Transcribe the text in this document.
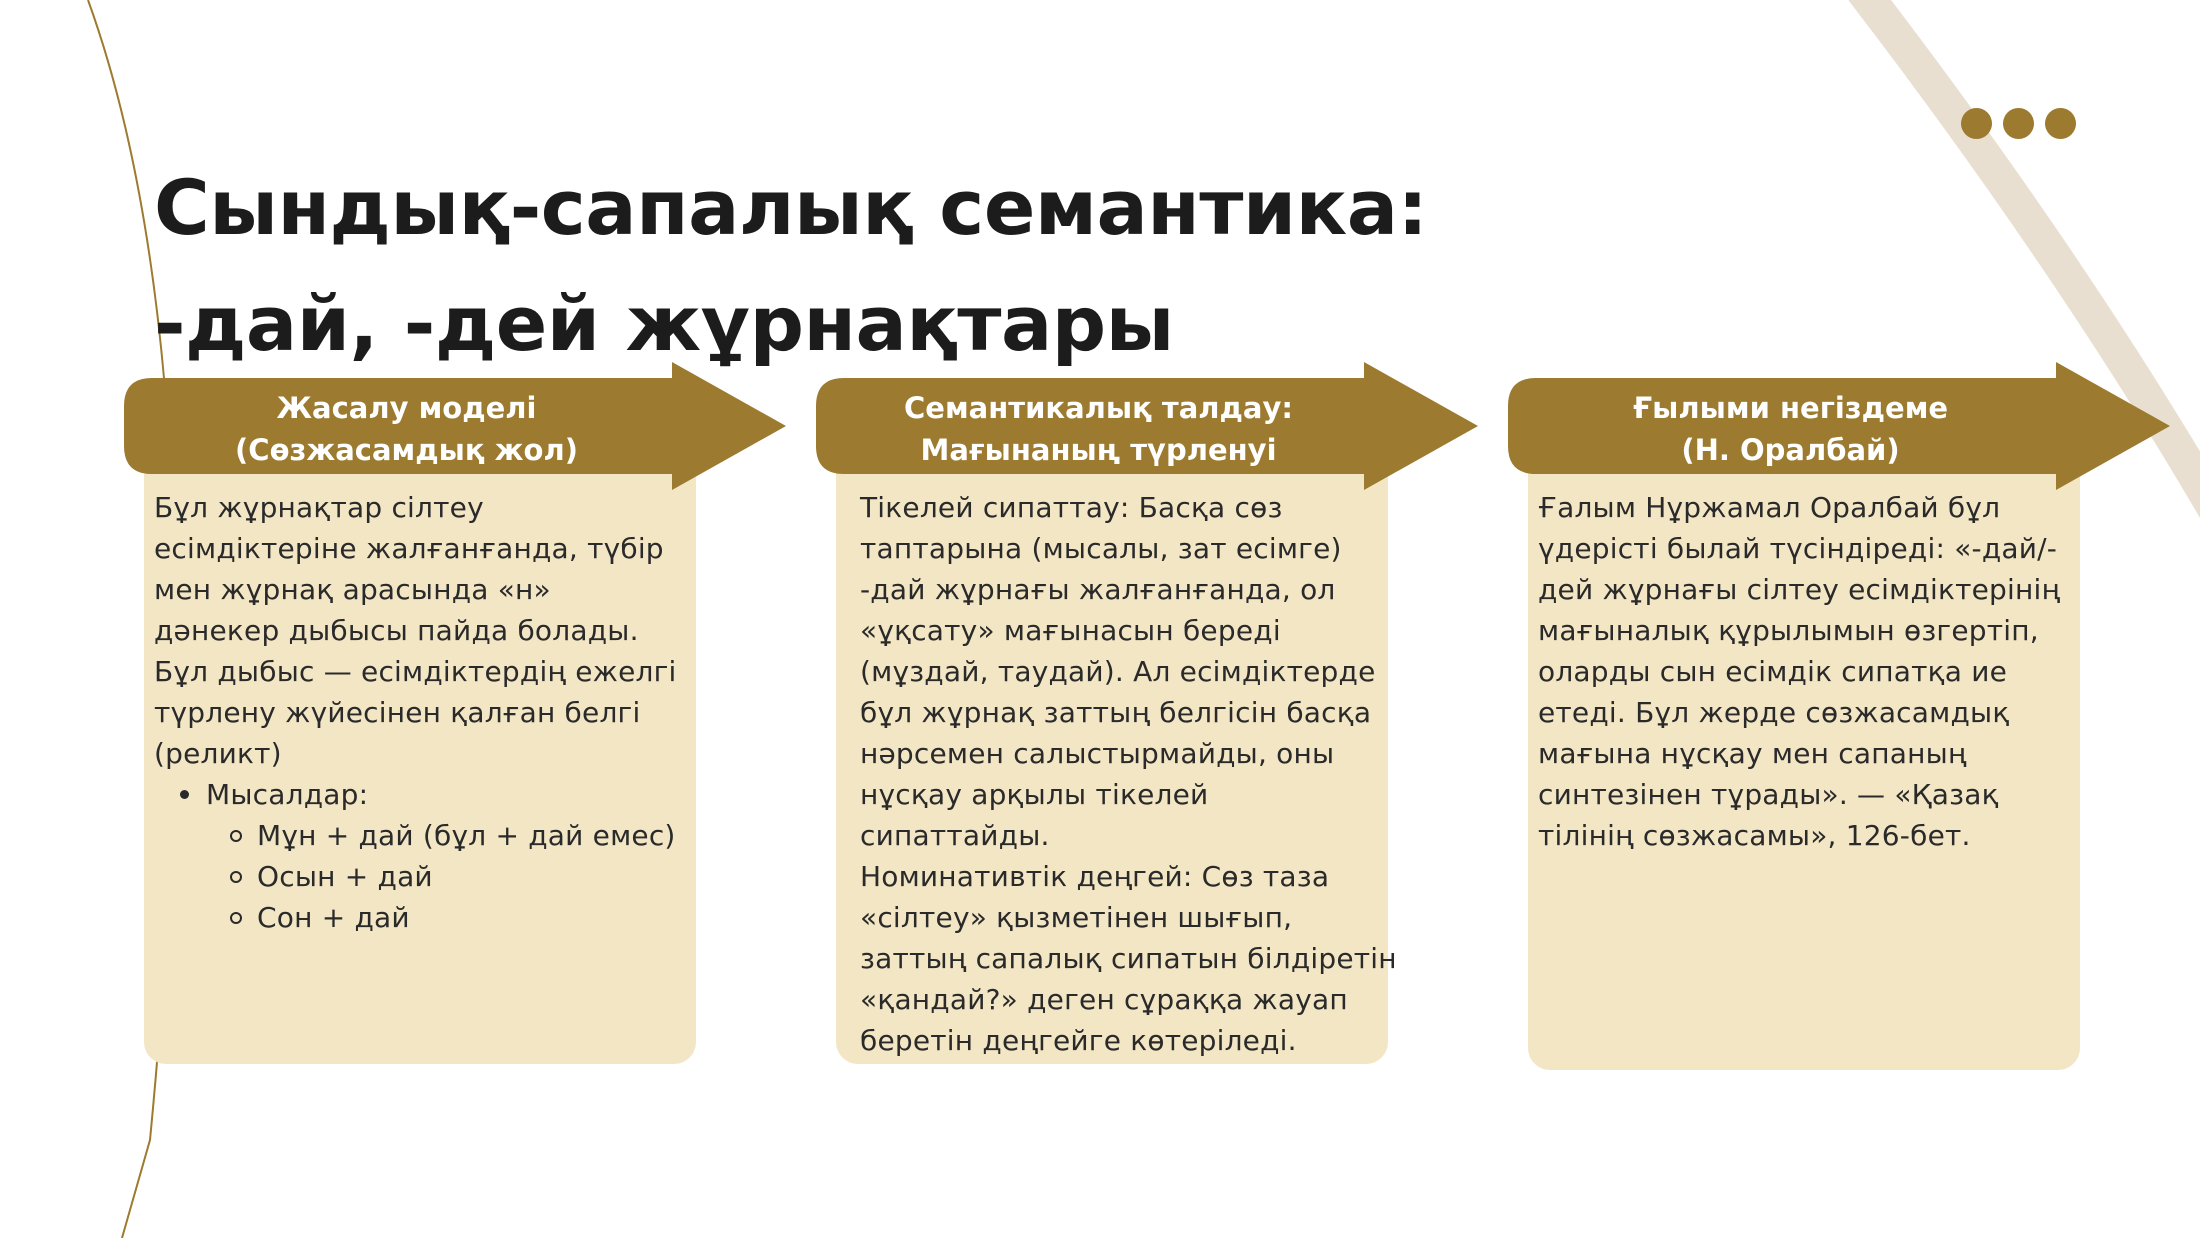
Сындық-сапалық семантика:
-дай, -дей жұрнақтары
Жасалу моделі
(Сөзжасамдық жол)
Бұл жұрнақтар сілтеу есімдіктеріне жалғанғанда, түбір мен жұрнақ арасында «н» дәнекер дыбысы пайда болады. Бұл дыбыс — есімдіктердің ежелгі түрлену жүйесінен қалған белгі (реликт)
Мысалдар:
Мұн + дай (бұл + дай емес)
Осын + дай
Сон + дай
Семантикалық талдау:
Мағынаның түрленуі
Тікелей сипаттау: Басқа сөз таптарына (мысалы, зат есімге) -дай жұрнағы жалғанғанда, ол «ұқсату» мағынасын береді (мұздай, таудай). Ал есімдіктерде бұл жұрнақ заттың белгісін басқа нәрсемен салыстырмайды, оны нұсқау арқылы тікелей сипаттайды.
Номинативтік деңгей: Сөз таза «сілтеу» қызметінен шығып, заттың сапалық сипатын білдіретін «қандай?» деген сұраққа жауап беретін деңгейге көтеріледі.
Ғылыми негіздеме
(Н. Оралбай)
Ғалым Нұржамал Оралбай бұл үдерісті былай түсіндіреді: «-дай/-дей жұрнағы сілтеу есімдіктерінің мағыналық құрылымын өзгертіп, оларды сын есімдік сипатқа ие етеді. Бұл жерде сөзжасамдық мағына нұсқау мен сапаның синтезінен тұрады». — «Қазақ тілінің сөзжасамы», 126-бет.
